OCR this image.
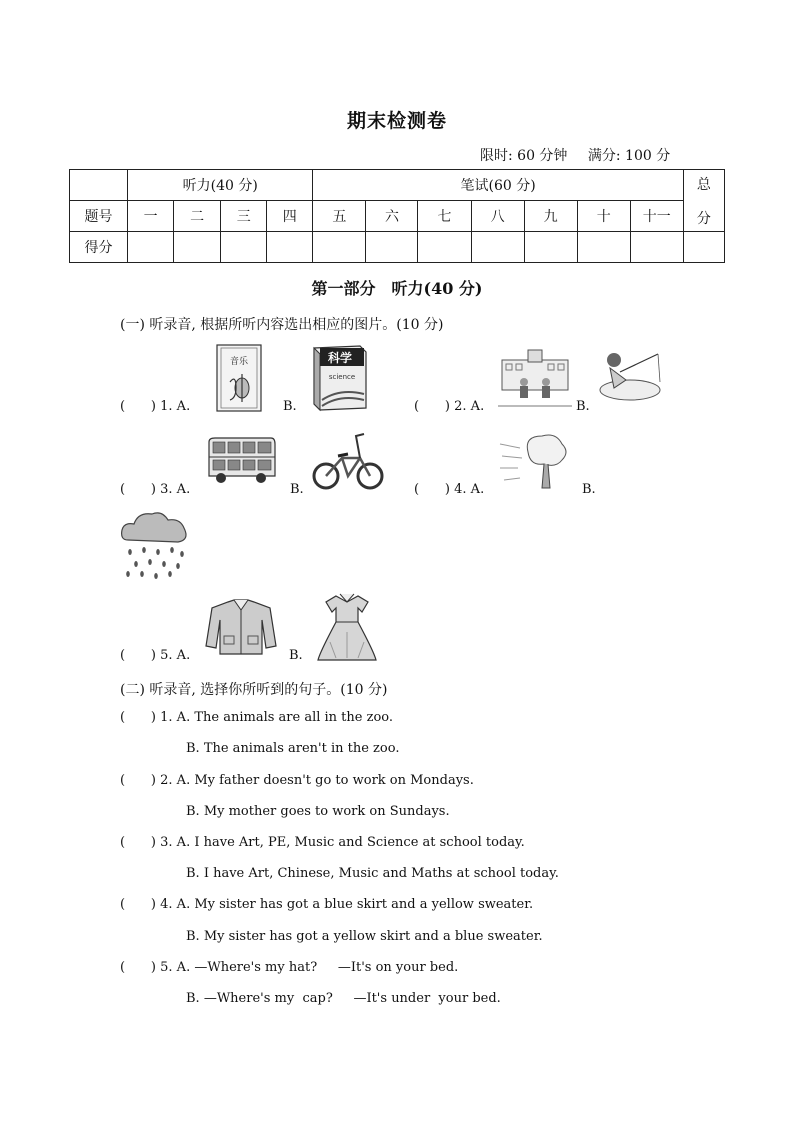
期末检测卷
限时: 60 分钟 满分: 100 分
	听力(40 分)				笔试(60 分)							总
分

题号	一	二	三	四	五	六	七	八	九	十	十一	
得分												
第一部分　听力(40 分)
(一) 听录音, 根据所听内容选出相应的图片。(10 分)
( ) 1. A.
音乐
B.
科学
science
( ) 2. A.	B.
( ) 3. A.	B. ( )	4. A.	B.
( ) 5. A.	B.
(二) 听录音, 选择你所听到的句子。(10 分)
( ) 1. A. The animals are all in the zoo.
B. The animals aren't in the zoo.
( ) 2. A. My father doesn't go to work on Mondays.
B. My mother goes to work on Sundays.
( ) 3. A. I have Art, PE, Music and Science at school today.
B. I have Art, Chinese, Music and Maths at school today.
( ) 4. A. My sister has got a blue skirt and a yellow sweater.
B. My sister has got a yellow skirt and a blue sweater.
( ) 5. A. —Where's my hat?     —It's on your bed.
B. —Where's my  cap?     —It's under  your bed.
